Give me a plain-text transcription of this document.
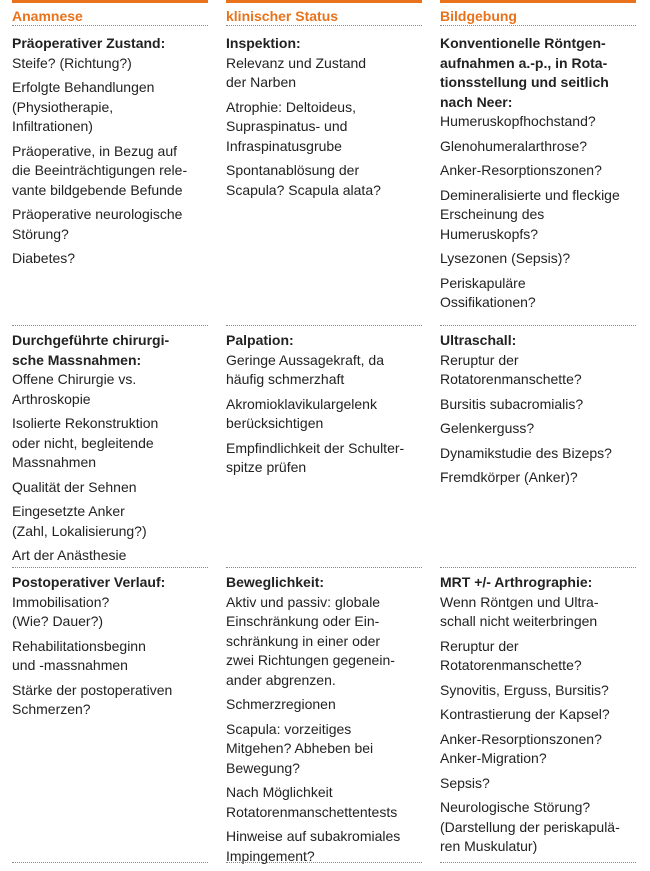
Anamnese
Präoperativer Zustand:
Steife? (Richtung?)
Erfolgte Behandlungen
(Physiotherapie,
Infiltrationen)
Präoperative, in Bezug auf
die Beeinträchtigungen rele-
vante bildgebende Befunde
Präoperative neurologische
Störung?
Diabetes?
Durchgeführte chirurgi-
sche Massnahmen:
Offene Chirurgie vs.
Arthroskopie
Isolierte Rekonstruktion
oder nicht, begleitende
Massnahmen
Qualität der Sehnen
Eingesetzte Anker
(Zahl, Lokalisierung?)
Art der Anästhesie
Postoperativer Verlauf:
Immobilisation?
(Wie? Dauer?)
Rehabilitationsbeginn
und -massnahmen
Stärke der postoperativen
Schmerzen?
klinischer Status
Inspektion:
Relevanz und Zustand
der Narben
Atrophie: Deltoideus,
Supraspinatus- und
Infraspinatusgrube
Spontanablösung der
Scapula? Scapula alata?
Palpation:
Geringe Aussagekraft, da
häufig schmerzhaft
Akromioklavikulargelenk
berücksichtigen
Empfindlichkeit der Schulter-
spitze prüfen
Beweglichkeit:
Aktiv und passiv: globale
Einschränkung oder Ein-
schränkung in einer oder
zwei Richtungen gegenein-
ander abgrenzen.
Schmerzregionen
Scapula: vorzeitiges
Mitgehen? Abheben bei
Bewegung?
Nach Möglichkeit
Rotatorenmanschettentests
Hinweise auf subakromiales
Impingement?
Bildgebung
Konventionelle Röntgen-
aufnahmen a.-p., in Rota-
tionsstellung und seitlich
nach Neer:
Humeruskopfhochstand?
Glenohumeralarthrose?
Anker-Resorptionszonen?
Demineralisierte und fleckige
Erscheinung des
Humeruskopfs?
Lysezonen (Sepsis)?
Periskapuläre
Ossifikationen?
Ultraschall:
Reruptur der
Rotatorenmanschette?
Bursitis subacromialis?
Gelenkerguss?
Dynamikstudie des Bizeps?
Fremdkörper (Anker)?
MRT +/- Arthrographie:
Wenn Röntgen und Ultra-
schall nicht weiterbringen
Reruptur der
Rotatorenmanschette?
Synovitis, Erguss, Bursitis?
Kontrastierung der Kapsel?
Anker-Resorptionszonen?
Anker-Migration?
Sepsis?
Neurologische Störung?
(Darstellung der periskapulä-
ren Muskulatur)
